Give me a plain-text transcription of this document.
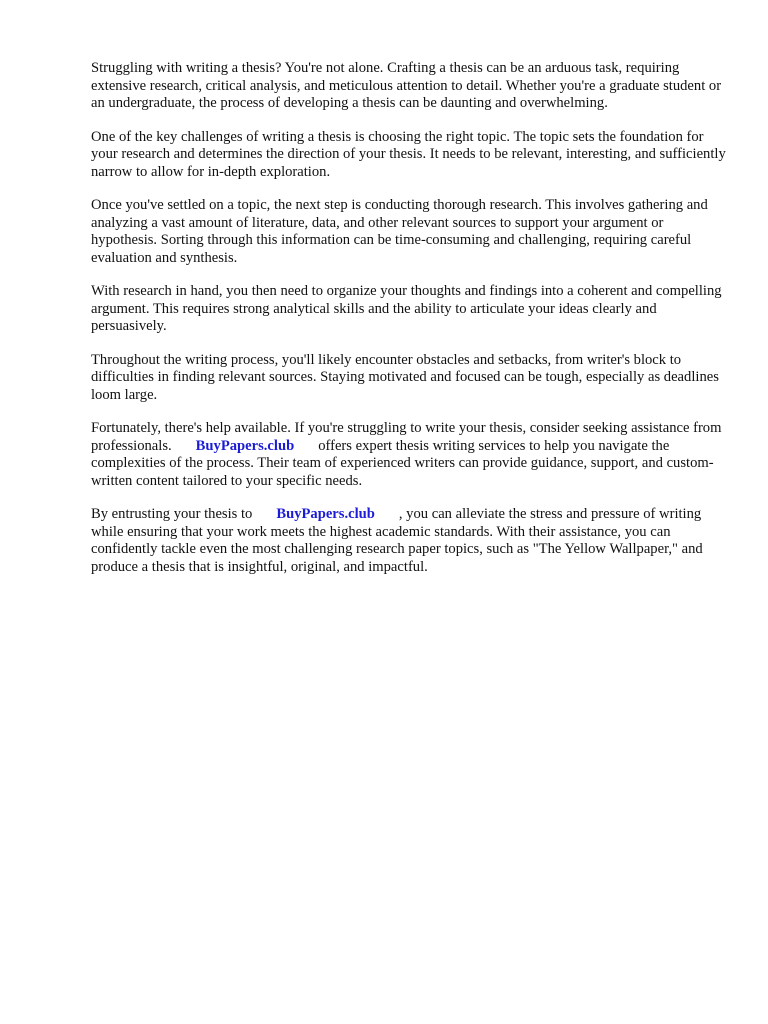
Struggling with writing a thesis? You're not alone. Crafting a thesis can be an arduous task, requiring extensive research, critical analysis, and meticulous attention to detail. Whether you're a graduate student or an undergraduate, the process of developing a thesis can be daunting and overwhelming.

One of the key challenges of writing a thesis is choosing the right topic. The topic sets the foundation for your research and determines the direction of your thesis. It needs to be relevant, interesting, and sufficiently narrow to allow for in-depth exploration.

Once you've settled on a topic, the next step is conducting thorough research. This involves gathering and analyzing a vast amount of literature, data, and other relevant sources to support your argument or hypothesis. Sorting through this information can be time-consuming and challenging, requiring careful evaluation and synthesis.

With research in hand, you then need to organize your thoughts and findings into a coherent and compelling argument. This requires strong analytical skills and the ability to articulate your ideas clearly and persuasively.

Throughout the writing process, you'll likely encounter obstacles and setbacks, from writer's block to difficulties in finding relevant sources. Staying motivated and focused can be tough, especially as deadlines loom large.

Fortunately, there's help available. If you're struggling to write your thesis, consider seeking assistance from professionals. BuyPapers.club offers expert thesis writing services to help you navigate the complexities of the process. Their team of experienced writers can provide guidance, support, and custom-written content tailored to your specific needs.

By entrusting your thesis to BuyPapers.club , you can alleviate the stress and pressure of writing while ensuring that your work meets the highest academic standards. With their assistance, you can confidently tackle even the most challenging research paper topics, such as "The Yellow Wallpaper," and produce a thesis that is insightful, original, and impactful.
